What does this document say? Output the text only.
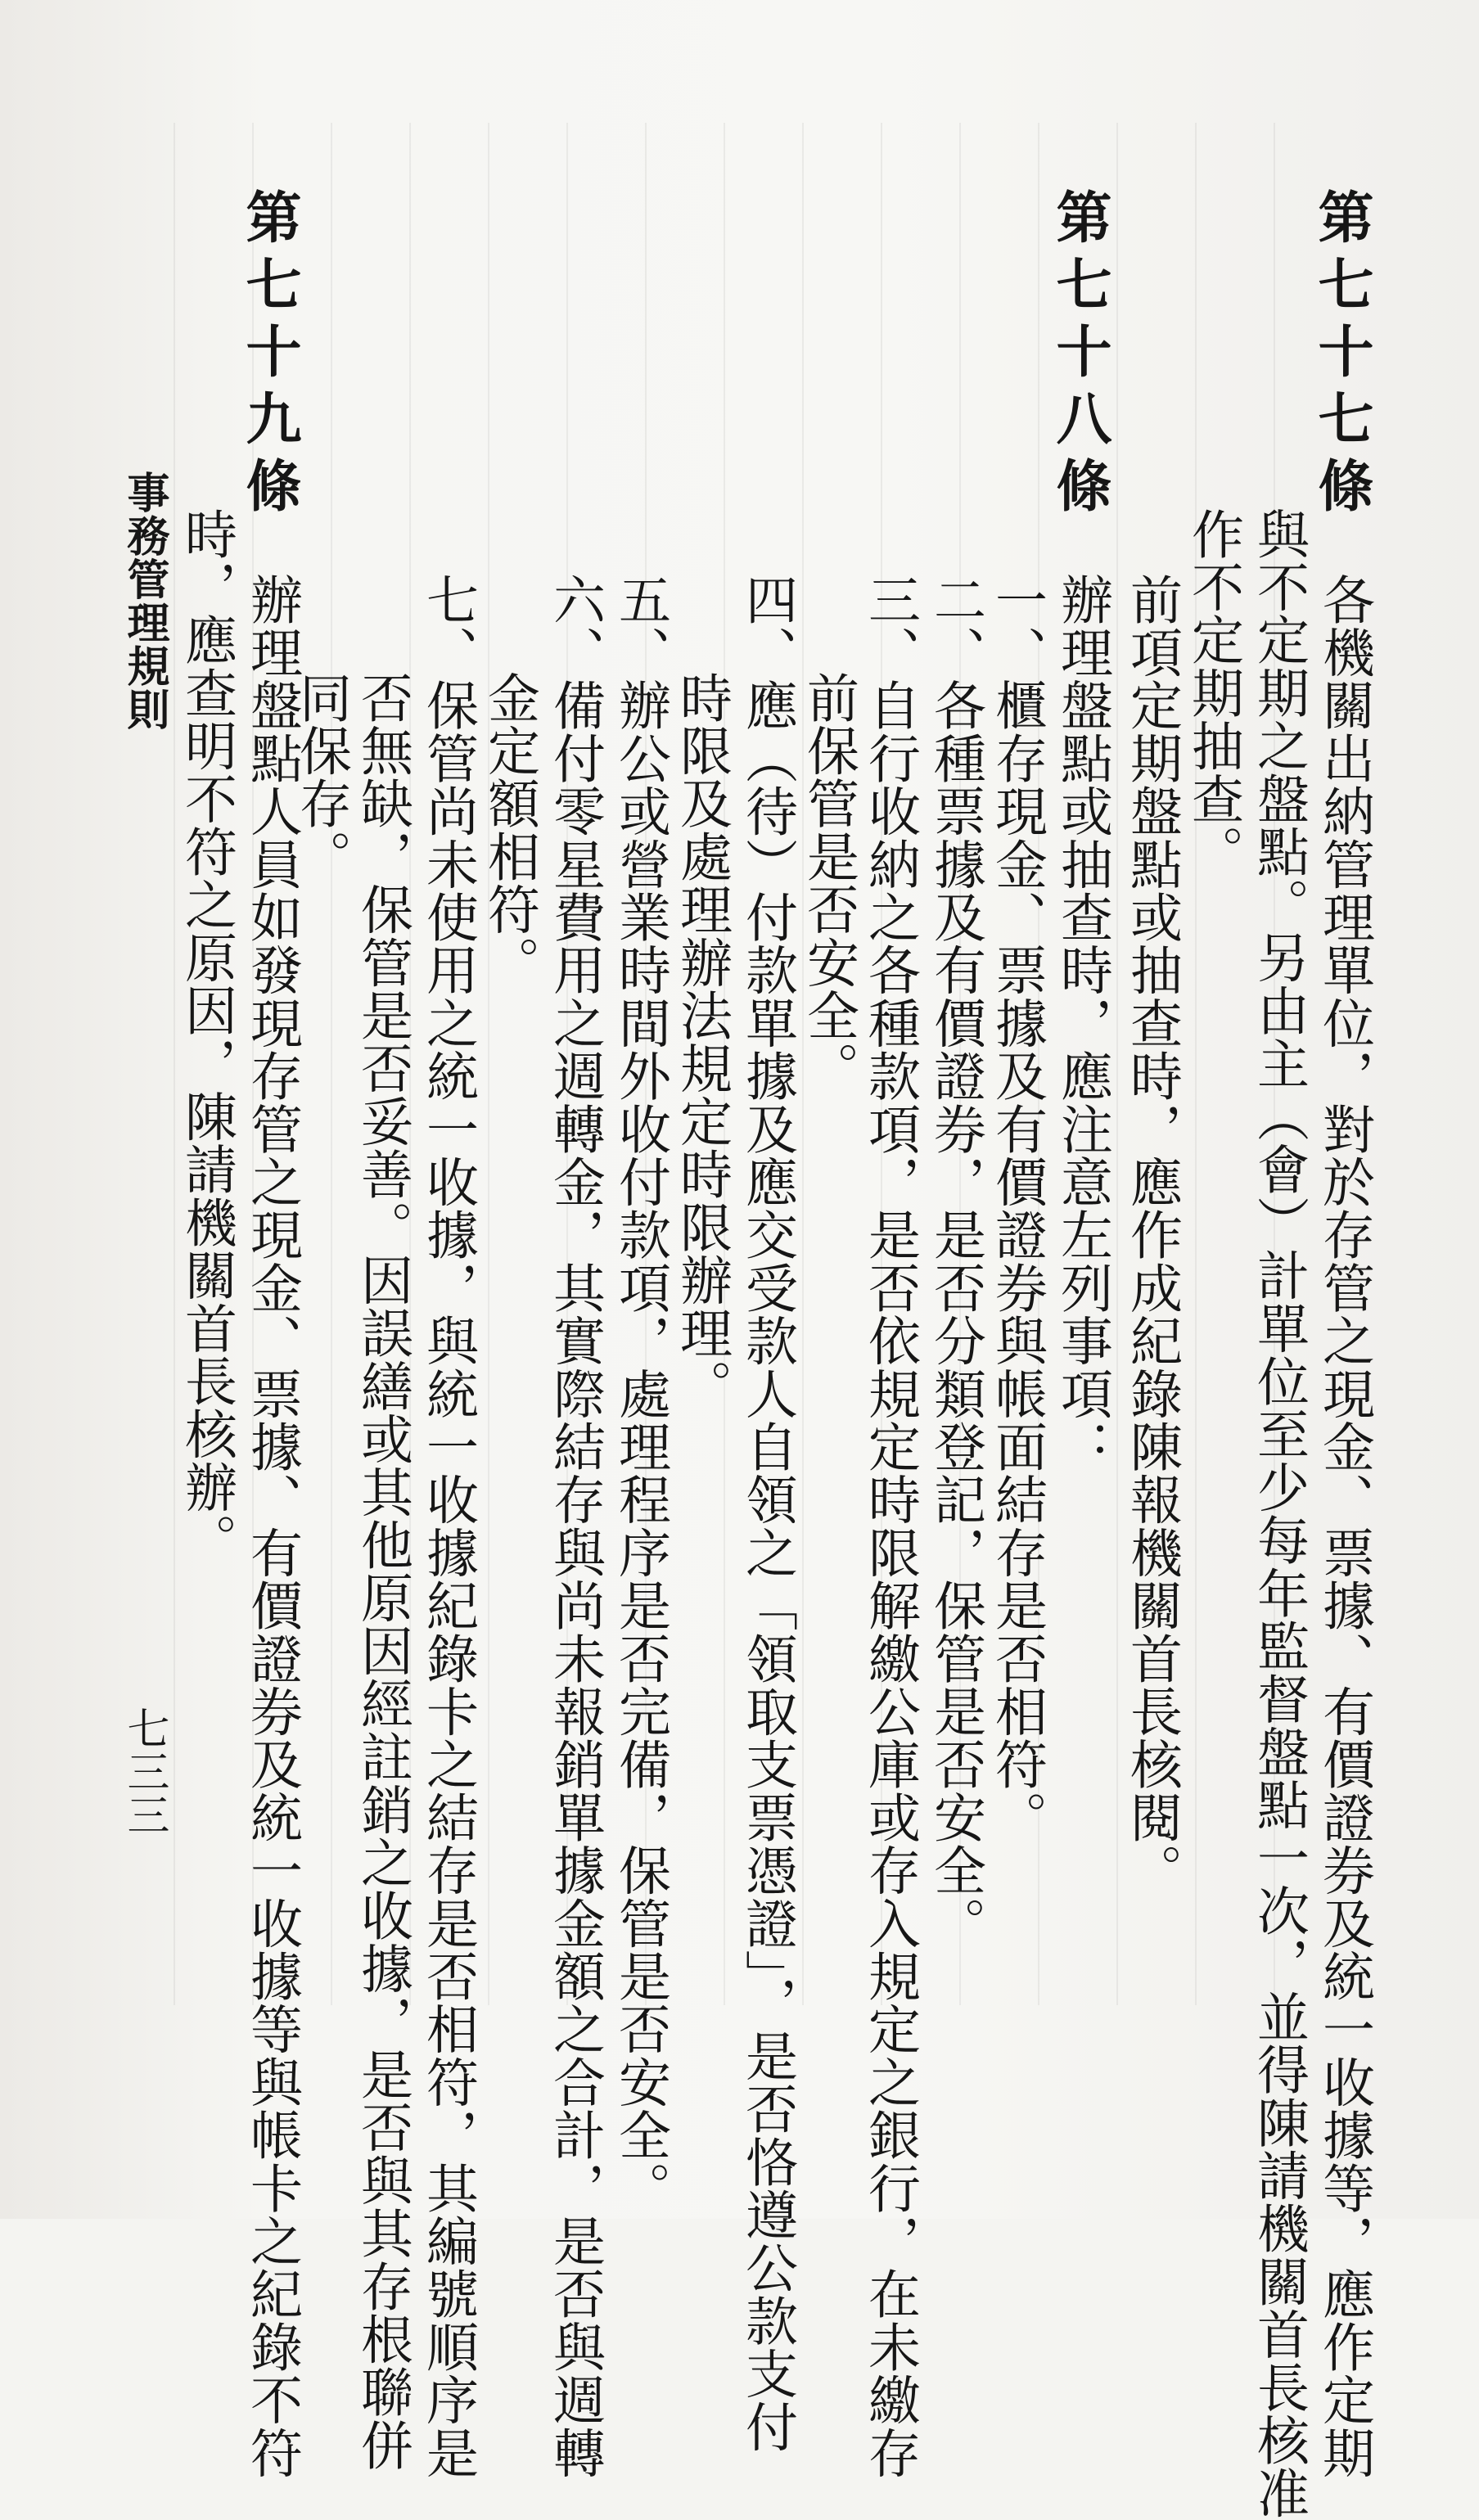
第七十七條
各機關出納管理單位，對於存管之現金、票據、有價證券及統一收據等，應作定期
與不定期之盤點。另由主（會）計單位至少每年監督盤點一次，並得陳請機關首長核准
作不定期抽查。
前項定期盤點或抽查時，應作成紀錄陳報機關首長核閱。
第七十八條
辦理盤點或抽查時，應注意左列事項：
一、櫃存現金、票據及有價證券與帳面結存是否相符。
二、各種票據及有價證券，是否分類登記，保管是否安全。
三、自行收納之各種款項，是否依規定時限解繳公庫或存入規定之銀行，在未繳存
前保管是否安全。
四、應（待）付款單據及應交受款人自領之「領取支票憑證」，是否恪遵公款支付
時限及處理辦法規定時限辦理。
五、辦公或營業時間外收付款項，處理程序是否完備，保管是否安全。
六、備付零星費用之週轉金，其實際結存與尚未報銷單據金額之合計，是否與週轉
金定額相符。
七、保管尚未使用之統一收據，與統一收據紀錄卡之結存是否相符，其編號順序是
否無缺，保管是否妥善。因誤繕或其他原因經註銷之收據，是否與其存根聯併
同保存。
第七十九條
辦理盤點人員如發現存管之現金、票據、有價證券及統一收據等與帳卡之紀錄不符
時，應查明不符之原因，陳請機關首長核辦。
事務管理規則
七三三
